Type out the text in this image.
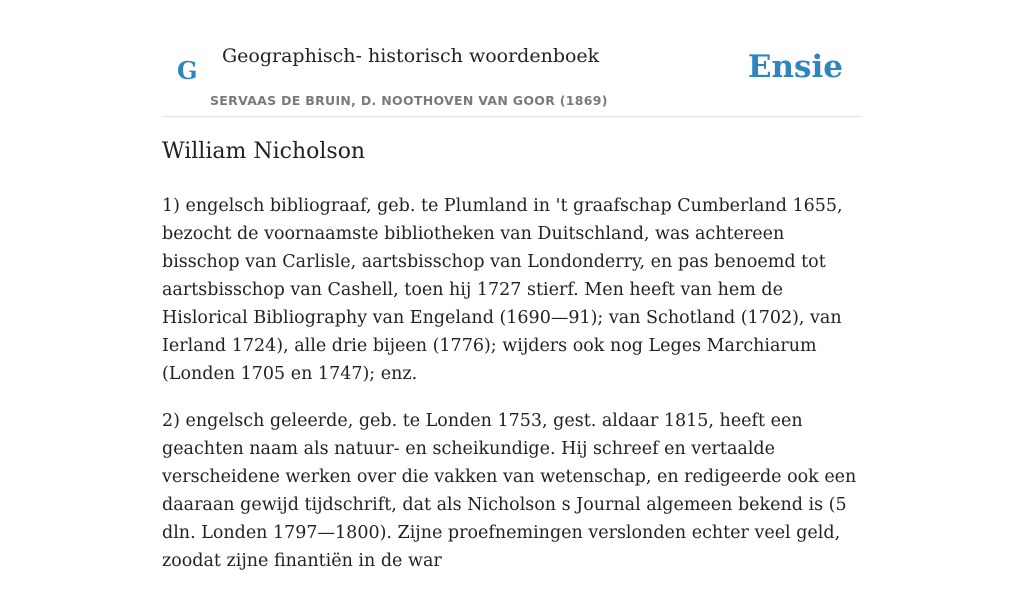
G Geographisch- historisch woordenboek
SERVAAS DE BRUIN, D. NOOTHOVEN VAN GOOR (1869)
Ensie
William Nicholson

1) engelsch bibliograaf, geb. te Plumland in 't graafschap Cumberland 1655, bezocht de voornaamste bibliotheken van Duitschland, was achtereen bisschop van Carlisle, aartsbisschop van Londonderry, en pas benoemd tot aartsbisschop van Cashell, toen hij 1727 stierf. Men heeft van hem de Hislorical Bibliography van Engeland (1690—91); van Schotland (1702), van Ierland 1724), alle drie bijeen (1776); wijders ook nog Leges Marchiarum (Londen 1705 en 1747); enz.

2) engelsch geleerde, geb. te Londen 1753, gest. aldaar 1815, heeft een geachten naam als natuur- en scheikundige. Hij schreef en vertaalde verscheidene werken over die vakken van wetenschap, en redigeerde ook een daaraan gewijd tijdschrift, dat als Nicholson s Journal algemeen bekend is (5 dln. Londen 1797—1800). Zijne proefnemingen verslonden echter veel geld, zoodat zijne finantiën in de war
